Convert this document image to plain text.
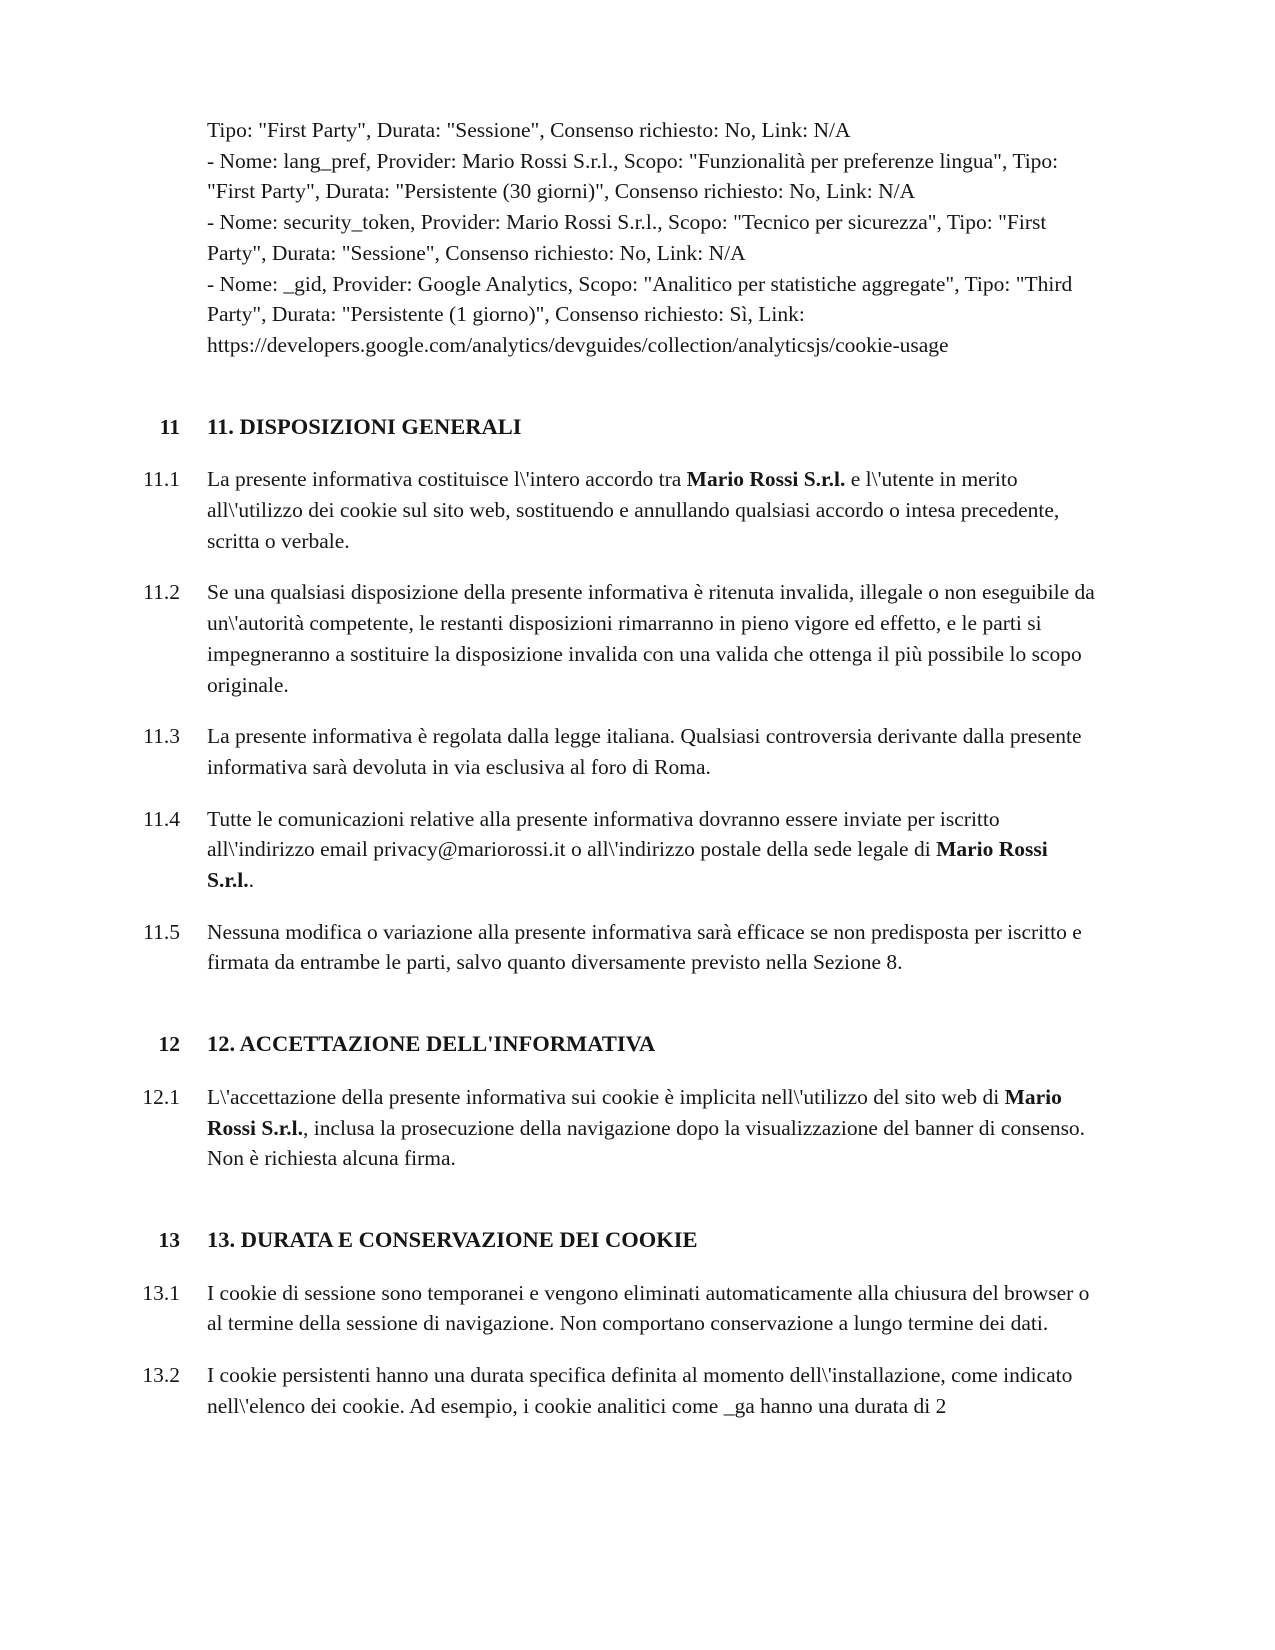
Tipo: "First Party", Durata: "Sessione", Consenso richiesto: No, Link: N/A
- Nome: lang_pref, Provider: Mario Rossi S.r.l., Scopo: "Funzionalità per preferenze lingua", Tipo: "First Party", Durata: "Persistente (30 giorni)", Consenso richiesto: No, Link: N/A
- Nome: security_token, Provider: Mario Rossi S.r.l., Scopo: "Tecnico per sicurezza", Tipo: "First Party", Durata: "Sessione", Consenso richiesto: No, Link: N/A
- Nome: _gid, Provider: Google Analytics, Scopo: "Analitico per statistiche aggregate", Tipo: "Third Party", Durata: "Persistente (1 giorno)", Consenso richiesto: Sì, Link: https://developers.google.com/analytics/devguides/collection/analyticsjs/cookie-usage
11 11. DISPOSIZIONI GENERALI
11.1 La presente informativa costituisce l\'intero accordo tra Mario Rossi S.r.l. e l\'utente in merito all\'utilizzo dei cookie sul sito web, sostituendo e annullando qualsiasi accordo o intesa precedente, scritta o verbale.
11.2 Se una qualsiasi disposizione della presente informativa è ritenuta invalida, illegale o non eseguibile da un\'autorità competente, le restanti disposizioni rimarranno in pieno vigore ed effetto, e le parti si impegneranno a sostituire la disposizione invalida con una valida che ottenga il più possibile lo scopo originale.
11.3 La presente informativa è regolata dalla legge italiana. Qualsiasi controversia derivante dalla presente informativa sarà devoluta in via esclusiva al foro di Roma.
11.4 Tutte le comunicazioni relative alla presente informativa dovranno essere inviate per iscritto all\'indirizzo email privacy@mariorossi.it o all\'indirizzo postale della sede legale di Mario Rossi S.r.l..
11.5 Nessuna modifica o variazione alla presente informativa sarà efficace se non predisposta per iscritto e firmata da entrambe le parti, salvo quanto diversamente previsto nella Sezione 8.
12 12. ACCETTAZIONE DELL'INFORMATIVA
12.1 L\'accettazione della presente informativa sui cookie è implicita nell\'utilizzo del sito web di Mario Rossi S.r.l., inclusa la prosecuzione della navigazione dopo la visualizzazione del banner di consenso. Non è richiesta alcuna firma.
13 13. DURATA E CONSERVAZIONE DEI COOKIE
13.1 I cookie di sessione sono temporanei e vengono eliminati automaticamente alla chiusura del browser o al termine della sessione di navigazione. Non comportano conservazione a lungo termine dei dati.
13.2 I cookie persistenti hanno una durata specifica definita al momento dell\'installazione, come indicato nell\'elenco dei cookie. Ad esempio, i cookie analitici come _ga hanno una durata di 2
